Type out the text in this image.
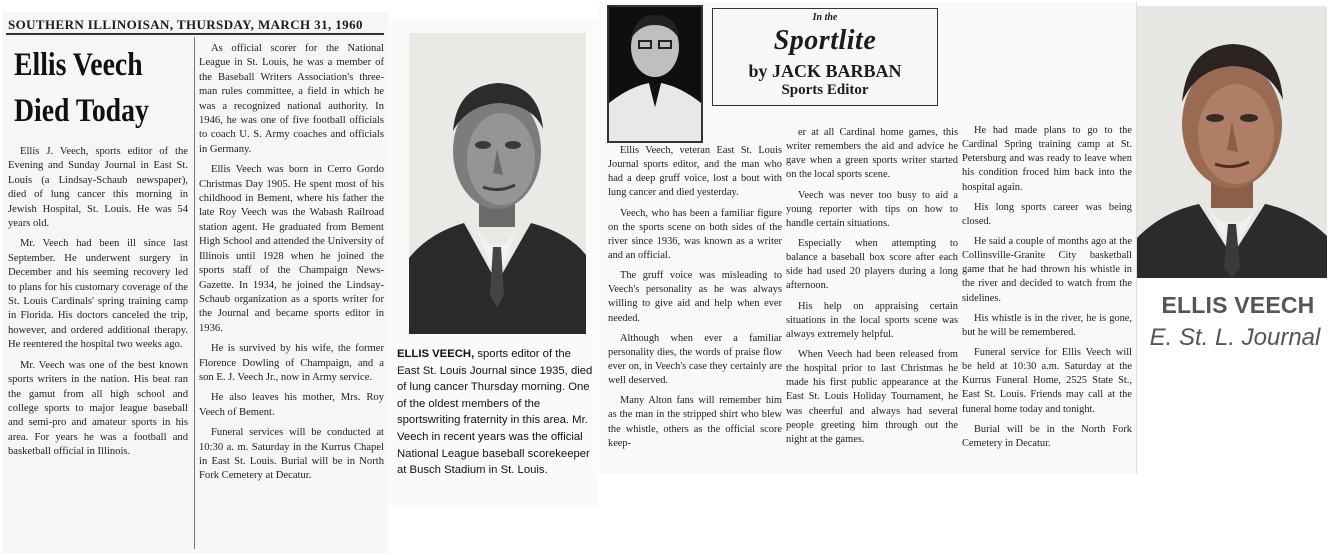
SOUTHERN ILLINOISAN, THURSDAY, MARCH 31, 1960
Ellis Veech
Died Today

Ellis J. Veech, sports editor of the Evening and Sunday Journal in East St. Louis (a Lindsay-Schaub newspaper), died of lung cancer this morning in Jewish Hospital, St. Louis. He was 54 years old.

Mr. Veech had been ill since last September. He underwent surgery in December and his seeming recovery led to plans for his customary coverage of the St. Louis Cardinals' spring training camp in Florida. His doctors canceled the trip, however, and ordered additional therapy. He reentered the hospital two weeks ago.

Mr. Veech was one of the best known sports writers in the nation. His beat ran the gamut from all high school and college sports to major league baseball and semi-pro and amateur sports in his area. For years he was a football and basketball official in Illinois.

As official scorer for the National League in St. Louis, he was a member of the Baseball Writers Association's three-man rules committee, a field in which he was a recognized national authority. In 1946, he was one of five football officials to coach U. S. Army coaches and officials in Germany.

Ellis Veech was born in Cerro Gordo Christmas Day 1905. He spent most of his childhood in Bement, where his father the late Roy Veech was the Wabash Railroad station agent. He graduated from Bement High School and attended the University of Illinois until 1928 when he joined the sports staff of the Champaign News-Gazette. In 1934, he joined the Lindsay-Schaub organization as a sports writer for the Journal and became sports editor in 1936.

He is survived by his wife, the former Florence Dowling of Champaign, and a son E. J. Veech Jr., now in Army service.

He also leaves his mother, Mrs. Roy Veech of Bement.

Funeral services will be conducted at 10:30 a. m. Saturday in the Kurrus Chapel in East St. Louis. Burial will be in North Fork Cemetery at Decatur.

ELLIS VEECH, sports editor of the East St. Louis Journal since 1935, died of lung cancer Thursday morning. One of the oldest members of the sportswriting fraternity in this area. Mr. Veech in recent years was the official National League baseball scorekeeper at Busch Stadium in St. Louis.
In the
Sportlite
by JACK BARBAN
Sports Editor

Ellis Veech, veteran East St. Louis Journal sports editor, and the man who had a deep gruff voice, lost a bout with lung cancer and died yesterday.

Veech, who has been a familiar figure on the sports scene on both sides of the river since 1936, was known as a writer and an official.

The gruff voice was misleading to Veech's personality as he was always willing to give aid and help when ever needed.

Although when ever a familiar personality dies, the words of praise flow ever on, in Veech's case they certainly are well deserved.

Many Alton fans will remember him as the man in the stripped shirt who blew the whistle, others as the official score keep-

er at all Cardinal home games, this writer remembers the aid and advice he gave when a green sports writer started on the local sports scene.

Veech was never too busy to aid a young reporter with tips on how to handle certain situations.

Especially when attempting to balance a baseball box score after each side had used 20 players during a long afternoon.

His help on appraising certain situations in the local sports scene was always extremely helpful.

When Veech had been released from the hospital prior to last Christmas he made his first public appearance at the East St. Louis Holiday Tournament, he was cheerful and always had several people greeting him through out the night at the games.

He had made plans to go to the Cardinal Spring training camp at St. Petersburg and was ready to leave when his condition froced him back into the hospital again.

His long sports career was being closed.

He said a couple of months ago at the Collinsville-Granite City basketball game that he had thrown his whistle in the river and decided to watch from the sidelines.

His whistle is in the river, he is gone, but he will be remembered.

Funeral service for Ellis Veech will be held at 10:30 a.m. Saturday at the Kurrus Funeral Home, 2525 State St., East St. Louis. Friends may call at the funeral home today and tonight.

Burial will be in the North Fork Cemetery in Decatur.

ELLIS VEECH
E. St. L. Journal
